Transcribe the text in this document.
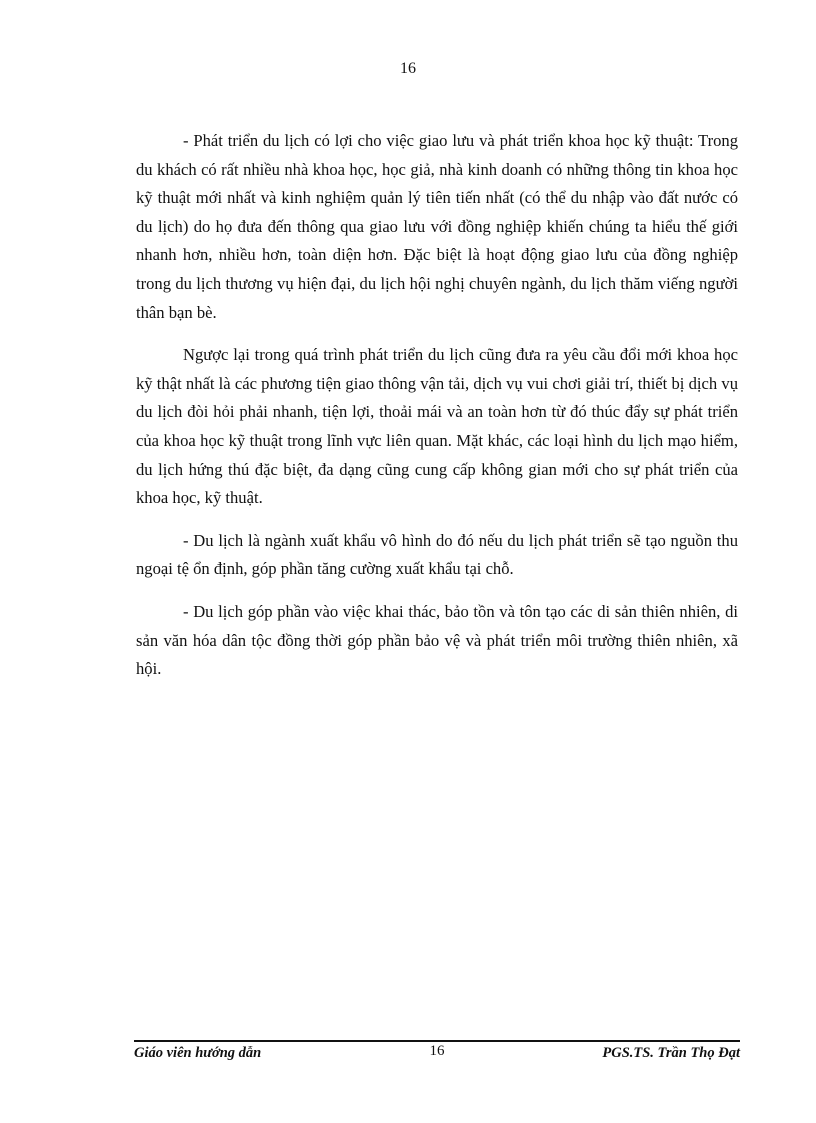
16

- Phát triển du lịch có lợi cho việc giao lưu và phát triển khoa học kỹ thuật: Trong du khách có rất nhiều nhà khoa học, học giả, nhà kinh doanh có những thông tin khoa học kỹ thuật mới nhất và kinh nghiệm quản lý tiên tiến nhất (có thể du nhập vào đất nước có du lịch) do họ đưa đến thông qua giao lưu với đồng nghiệp khiến chúng ta hiểu thế giới nhanh hơn, nhiều hơn, toàn diện hơn. Đặc biệt là hoạt động giao lưu của đồng nghiệp trong du lịch thương vụ hiện đại, du lịch hội nghị chuyên ngành, du lịch thăm viếng người thân bạn bè.

Ngược lại trong quá trình phát triển du lịch cũng đưa ra yêu cầu đổi mới khoa học kỹ thật nhất là các phương tiện giao thông vận tải, dịch vụ vui chơi giải trí, thiết bị dịch vụ du lịch đòi hỏi phải nhanh, tiện lợi, thoải mái và an toàn hơn từ đó thúc đẩy sự phát triển của khoa học kỹ thuật trong lĩnh vực liên quan. Mặt khác, các loại hình du lịch mạo hiểm, du lịch hứng thú đặc biệt, đa dạng cũng cung cấp không gian mới cho sự phát triển của khoa học, kỹ thuật.

- Du lịch là ngành xuất khẩu vô hình do đó nếu du lịch phát triển sẽ tạo nguồn thu ngoại tệ ổn định, góp phần tăng cường xuất khẩu tại chỗ.

- Du lịch góp phần vào việc khai thác, bảo tồn và tôn tạo các di sản thiên nhiên, di sản văn hóa dân tộc đồng thời góp phần bảo vệ và phát triển môi trường thiên nhiên, xã hội.

Giáo viên hướng dẫn	16	PGS.TS. Trần Thọ Đạt
